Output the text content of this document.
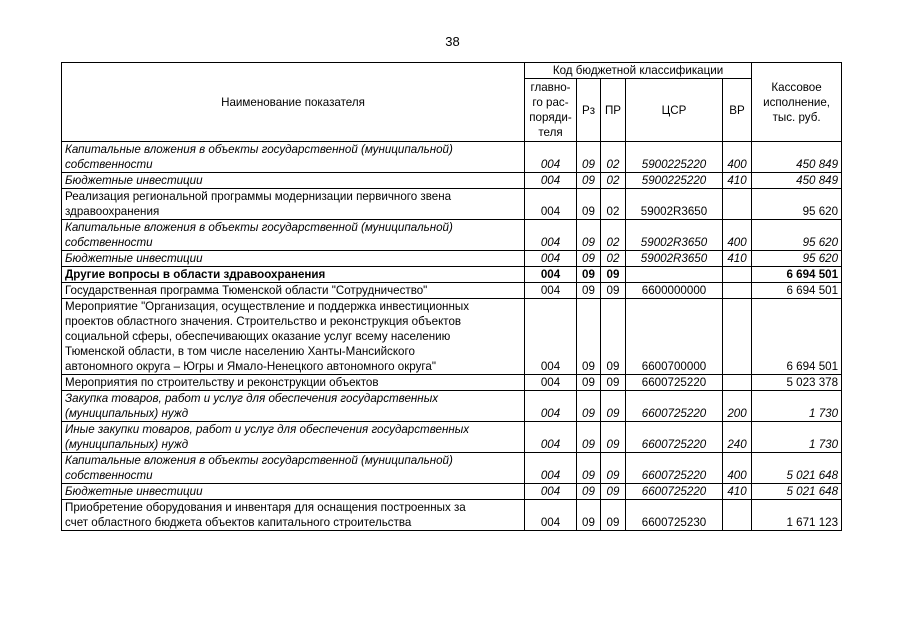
38
Наименование показателя	Код бюджетной классификации					Кассовое
исполнение,
тыс. руб.
	главно-
го рас-
поряди-
теля	Рз	ПР	ЦСР	ВР	
Капитальные вложения в объекты государственной (муниципальной)
собственности	004	09	02	5900225220	400	450 849
Бюджетные инвестиции	004	09	02	5900225220	410	450 849
Реализация региональной программы модернизации первичного звена
здравоохранения	004	09	02	59002R3650		95 620
Капитальные вложения в объекты государственной (муниципальной)
собственности	004	09	02	59002R3650	400	95 620
Бюджетные инвестиции	004	09	02	59002R3650	410	95 620
Другие вопросы в области здравоохранения	004	09	09			6 694 501
Государственная программа Тюменской области "Сотрудничество"	004	09	09	6600000000		6 694 501
Мероприятие "Организация, осуществление и поддержка инвестиционных
проектов областного значения. Строительство и реконструкция объектов
социальной сферы, обеспечивающих оказание услуг всему населению
Тюменской области, в том числе населению Ханты-Мансийского
автономного округа – Югры и Ямало-Ненецкого автономного округа"	004	09	09	6600700000		6 694 501
Мероприятия по строительству и реконструкции объектов	004	09	09	6600725220		5 023 378
Закупка товаров, работ и услуг для обеспечения государственных
(муниципальных) нужд	004	09	09	6600725220	200	1 730
Иные закупки товаров, работ и услуг для обеспечения государственных
(муниципальных) нужд	004	09	09	6600725220	240	1 730
Капитальные вложения в объекты государственной (муниципальной)
собственности	004	09	09	6600725220	400	5 021 648
Бюджетные инвестиции	004	09	09	6600725220	410	5 021 648
Приобретение оборудования и инвентаря для оснащения построенных за
счет областного бюджета объектов капитального строительства	004	09	09	6600725230		1 671 123
